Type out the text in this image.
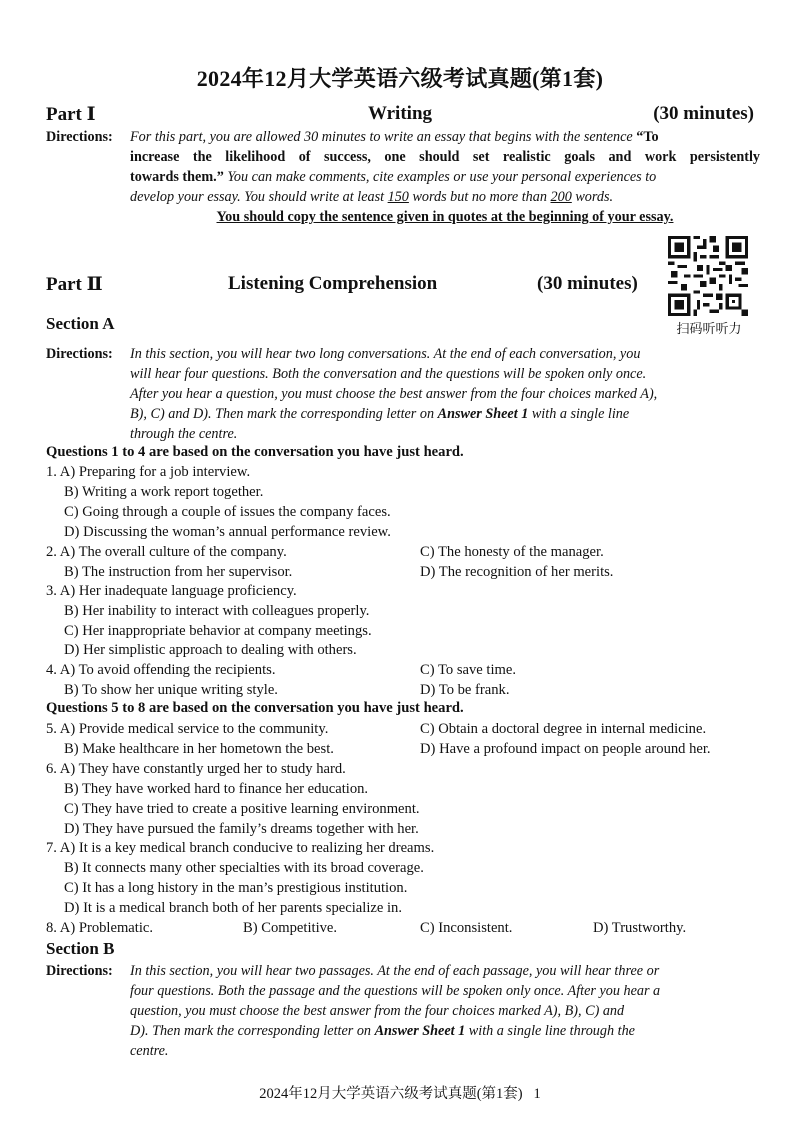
2024年12月大学英语六级考试真题(第1套)
Part Ⅰ	Writing	(30 minutes)
Directions: For this part, you are allowed 30 minutes to write an essay that begins with the sentence “To
increase the likelihood of success, one should set realistic goals and work persistently
towards them.” You can make comments, cite examples or use your personal experiences to
develop your essay. You should write at least 150 words but no more than 200 words.
You should copy the sentence given in quotes at the beginning of your essay.
Part Ⅱ	Listening Comprehension	(30 minutes)
扫码听听力
Section A
Directions: In this section, you will hear two long conversations. At the end of each conversation, you
will hear four questions. Both the conversation and the questions will be spoken only once.
After you hear a question, you must choose the best answer from the four choices marked A),
B), C) and D). Then mark the corresponding letter on Answer Sheet 1 with a single line
through the centre.
Questions 1 to 4 are based on the conversation you have just heard.
1. A) Preparing for a job interview.
B) Writing a work report together.
C) Going through a couple of issues the company faces.
D) Discussing the woman’s annual performance review.
2. A) The overall culture of the company.	C) The honesty of the manager.
B) The instruction from her supervisor.	D) The recognition of her merits.
3. A) Her inadequate language proficiency.
B) Her inability to interact with colleagues properly.
C) Her inappropriate behavior at company meetings.
D) Her simplistic approach to dealing with others.
4. A) To avoid offending the recipients.	C) To save time.
B) To show her unique writing style.	D) To be frank.
Questions 5 to 8 are based on the conversation you have just heard.
5. A) Provide medical service to the community.	C) Obtain a doctoral degree in internal medicine.
B) Make healthcare in her hometown the best.	D) Have a profound impact on people around her.
6. A) They have constantly urged her to study hard.
B) They have worked hard to finance her education.
C) They have tried to create a positive learning environment.
D) They have pursued the family’s dreams together with her.
7. A) It is a key medical branch conducive to realizing her dreams.
B) It connects many other specialties with its broad coverage.
C) It has a long history in the man’s prestigious institution.
D) It is a medical branch both of her parents specialize in.
8. A) Problematic.	B) Competitive.	C) Inconsistent.	D) Trustworthy.
Section B
Directions: In this section, you will hear two passages. At the end of each passage, you will hear three or
four questions. Both the passage and the questions will be spoken only once. After you hear a
question, you must choose the best answer from the four choices marked A), B), C) and
D). Then mark the corresponding letter on Answer Sheet 1 with a single line through the
centre.
2024年12月大学英语六级考试真题(第1套)   1
